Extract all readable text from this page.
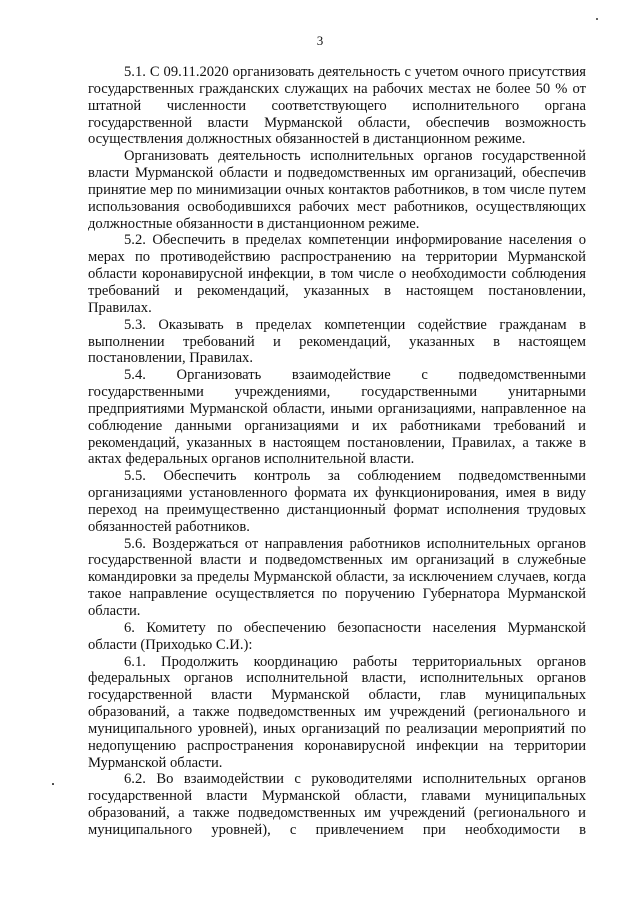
3

5.1. С 09.11.2020 организовать деятельность с учетом очного присутствия государственных гражданских служащих на рабочих местах не более 50 % от штатной численности соответствующего исполнительного органа государственной власти Мурманской области, обеспечив возможность осуществления должностных обязанностей в дистанционном режиме.

Организовать деятельность исполнительных органов государственной власти Мурманской области и подведомственных им организаций, обеспечив принятие мер по минимизации очных контактов работников, в том числе путем использования освободившихся рабочих мест работников, осуществляющих должностные обязанности в дистанционном режиме.

5.2. Обеспечить в пределах компетенции информирование населения о мерах по противодействию распространению на территории Мурманской области коронавирусной инфекции, в том числе о необходимости соблюдения требований и рекомендаций, указанных в настоящем постановлении, Правилах.

5.3. Оказывать в пределах компетенции содействие гражданам в выполнении требований и рекомендаций, указанных в настоящем постановлении, Правилах.

5.4. Организовать взаимодействие с подведомственными государственными учреждениями, государственными унитарными предприятиями Мурманской области, иными организациями, направленное на соблюдение данными организациями и их работниками требований и рекомендаций, указанных в настоящем постановлении, Правилах, а также в актах федеральных органов исполнительной власти.

5.5. Обеспечить контроль за соблюдением подведомственными организациями установленного формата их функционирования, имея в виду переход на преимущественно дистанционный формат исполнения трудовых обязанностей работников.

5.6. Воздержаться от направления работников исполнительных органов государственной власти и подведомственных им организаций в служебные командировки за пределы Мурманской области, за исключением случаев, когда такое направление осуществляется по поручению Губернатора Мурманской области.

6. Комитету по обеспечению безопасности населения Мурманской области (Приходько С.И.):

6.1. Продолжить координацию работы территориальных органов федеральных органов исполнительной власти, исполнительных органов государственной власти Мурманской области, глав муниципальных образований, а также подведомственных им учреждений (регионального и муниципального уровней), иных организаций по реализации мероприятий по недопущению распространения коронавирусной инфекции на территории Мурманской области.

6.2. Во взаимодействии с руководителями исполнительных органов государственной власти Мурманской области, главами муниципальных образований, а также подведомственных им учреждений (регионального и муниципального уровней), с привлечением при необходимости в
